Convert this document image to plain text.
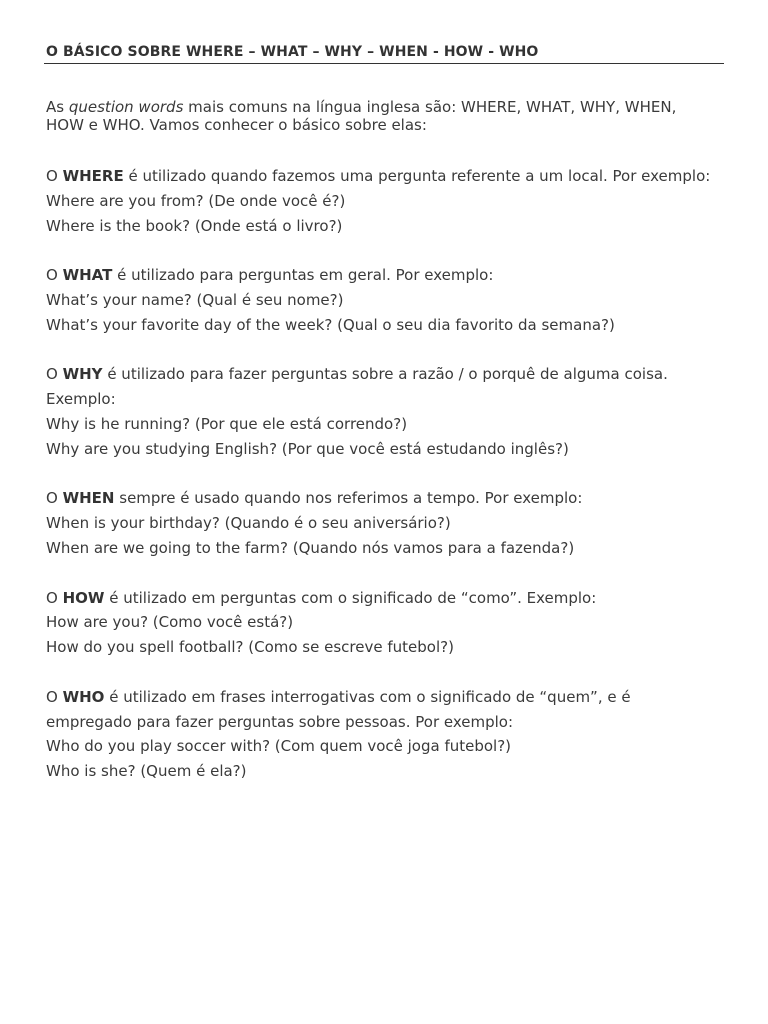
O BÁSICO SOBRE WHERE – WHAT – WHY – WHEN - HOW - WHO
As question words mais comuns na língua inglesa são: WHERE, WHAT, WHY, WHEN, HOW e WHO. Vamos conhecer o básico sobre elas:

O WHERE é utilizado quando fazemos uma pergunta referente a um local. Por exemplo:

Where are you from? (De onde você é?)

Where is the book? (Onde está o livro?)

O WHAT é utilizado para perguntas em geral. Por exemplo:

What’s your name? (Qual é seu nome?)

What’s your favorite day of the week? (Qual o seu dia favorito da semana?)

O WHY é utilizado para fazer perguntas sobre a razão / o porquê de alguma coisa. Exemplo:

Why is he running? (Por que ele está correndo?)

Why are you studying English? (Por que você está estudando inglês?)

O WHEN sempre é usado quando nos referimos a tempo. Por exemplo:

When is your birthday? (Quando é o seu aniversário?)

When are we going to the farm? (Quando nós vamos para a fazenda?)

O HOW é utilizado em perguntas com o significado de “como”. Exemplo:

How are you? (Como você está?)

How do you spell football? (Como se escreve futebol?)

O WHO é utilizado em frases interrogativas com o significado de “quem”, e é empregado para fazer perguntas sobre pessoas. Por exemplo:

Who do you play soccer with? (Com quem você joga futebol?)

Who is she? (Quem é ela?)
